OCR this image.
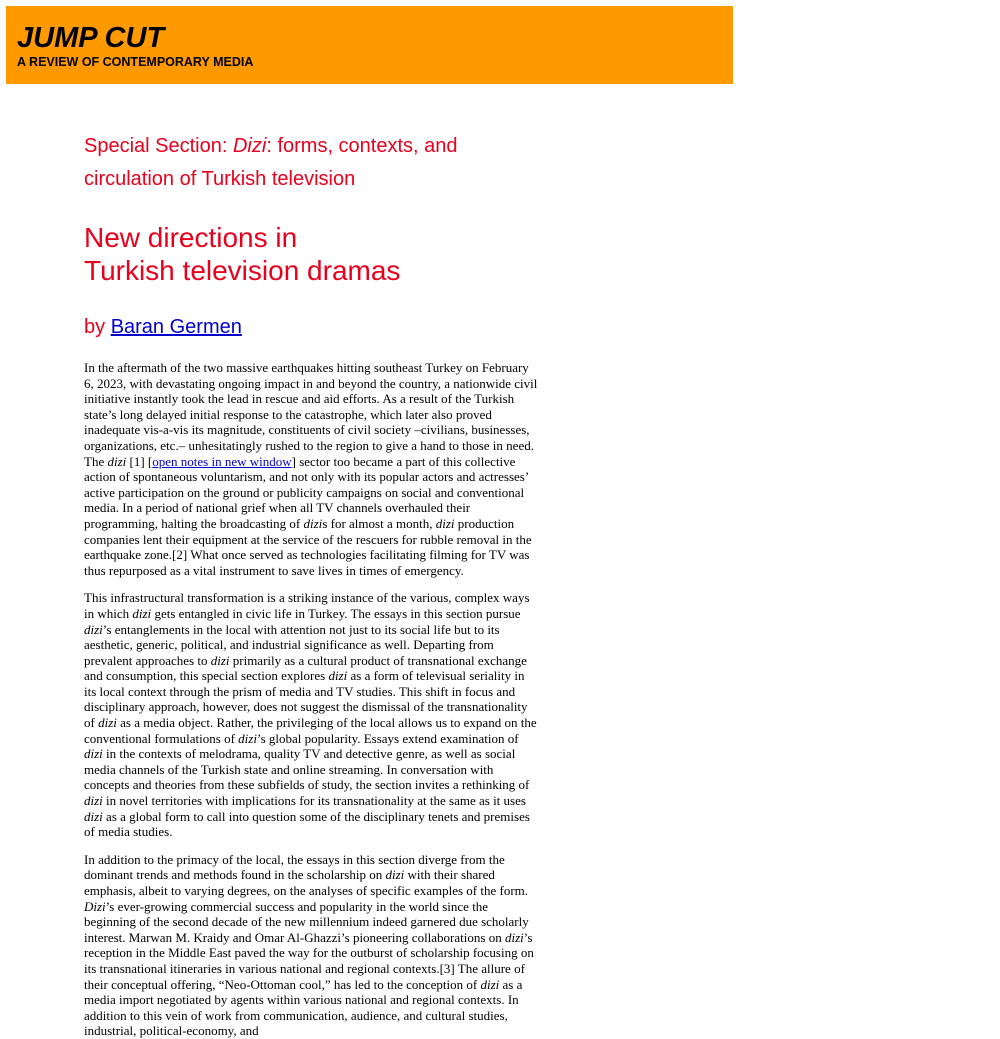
JUMP CUT
A REVIEW OF CONTEMPORARY MEDIA
Special Section: Dizi: forms, contexts, and
circulation of Turkish television
New directions in
Turkish television dramas
by Baran Germen

In the aftermath of the two massive earthquakes hitting southeast Turkey on February 6, 2023, with devastating ongoing impact in and beyond the country, a nationwide civil initiative instantly took the lead in rescue and aid efforts. As a result of the Turkish state’s long delayed initial response to the catastrophe, which later also proved inadequate vis-a-vis its magnitude, constituents of civil society –civilians, businesses, organizations, etc.– unhesitatingly rushed to the region to give a hand to those in need. The dizi [1] [open notes in new window] sector too became a part of this collective action of spontaneous voluntarism, and not only with its popular actors and actresses’ active participation on the ground or publicity campaigns on social and conventional media. In a period of national grief when all TV channels overhauled their programming, halting the broadcasting of dizis for almost a month, dizi production companies lent their equipment at the service of the rescuers for rubble removal in the earthquake zone.[2] What once served as technologies facilitating filming for TV was thus repurposed as a vital instrument to save lives in times of emergency.

This infrastructural transformation is a striking instance of the various, complex ways in which dizi gets entangled in civic life in Turkey. The essays in this section pursue dizi’s entanglements in the local with attention not just to its social life but to its aesthetic, generic, political, and industrial significance as well. Departing from prevalent approaches to dizi primarily as a cultural product of transnational exchange and consumption, this special section explores dizi as a form of televisual seriality in its local context through the prism of media and TV studies. This shift in focus and disciplinary approach, however, does not suggest the dismissal of the transnationality of dizi as a media object. Rather, the privileging of the local allows us to expand on the conventional formulations of dizi’s global popularity. Essays extend examination of dizi in the contexts of melodrama, quality TV and detective genre, as well as social media channels of the Turkish state and online streaming. In conversation with concepts and theories from these subfields of study, the section invites a rethinking of dizi in novel territories with implications for its transnationality at the same as it uses dizi as a global form to call into question some of the disciplinary tenets and premises of media studies.

In addition to the primacy of the local, the essays in this section diverge from the dominant trends and methods found in the scholarship on dizi with their shared emphasis, albeit to varying degrees, on the analyses of specific examples of the form. Dizi’s ever-growing commercial success and popularity in the world since the beginning of the second decade of the new millennium indeed garnered due scholarly interest. Marwan M. Kraidy and Omar Al-Ghazzi’s pioneering collaborations on dizi’s reception in the Middle East paved the way for the outburst of scholarship focusing on its transnational itineraries in various national and regional contexts.[3] The allure of their conceptual offering, “Neo-Ottoman cool,” has led to the conception of dizi as a media import negotiated by agents within various national and regional contexts. In addition to this vein of work from communication, audience, and cultural studies, industrial, political-economy, and
